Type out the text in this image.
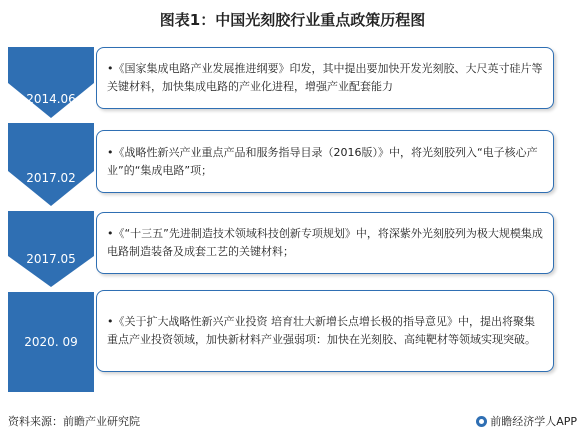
图表1：中国光刻胶行业重点政策历程图
2014.06
2017.02
2017.05
2020. 09

•《国家集成电路产业发展推进纲要》印发，其中提出要加快开发光刻胶、大尺英寸硅片等关键材料，加快集成电路的产业化进程，增强产业配套能力

•《战略性新兴产业重点产品和服务指导目录（2016版）》中，将光刻胶列入“电子核心产业”的“集成电路”项；

•《“十三五”先进制造技术领域科技创新专项规划》中，将深紫外光刻胶列为极大规模集成电路制造装备及成套工艺的关键材料；

•《关于扩大战略性新兴产业投资 培育壮大新增长点增长极的指导意见》中，提出将聚集重点产业投资领域，加快新材料产业强弱项：加快在光刻胶、高纯靶材等领域实现突破。

资料来源：前瞻产业研究院	前瞻经济学人APP
